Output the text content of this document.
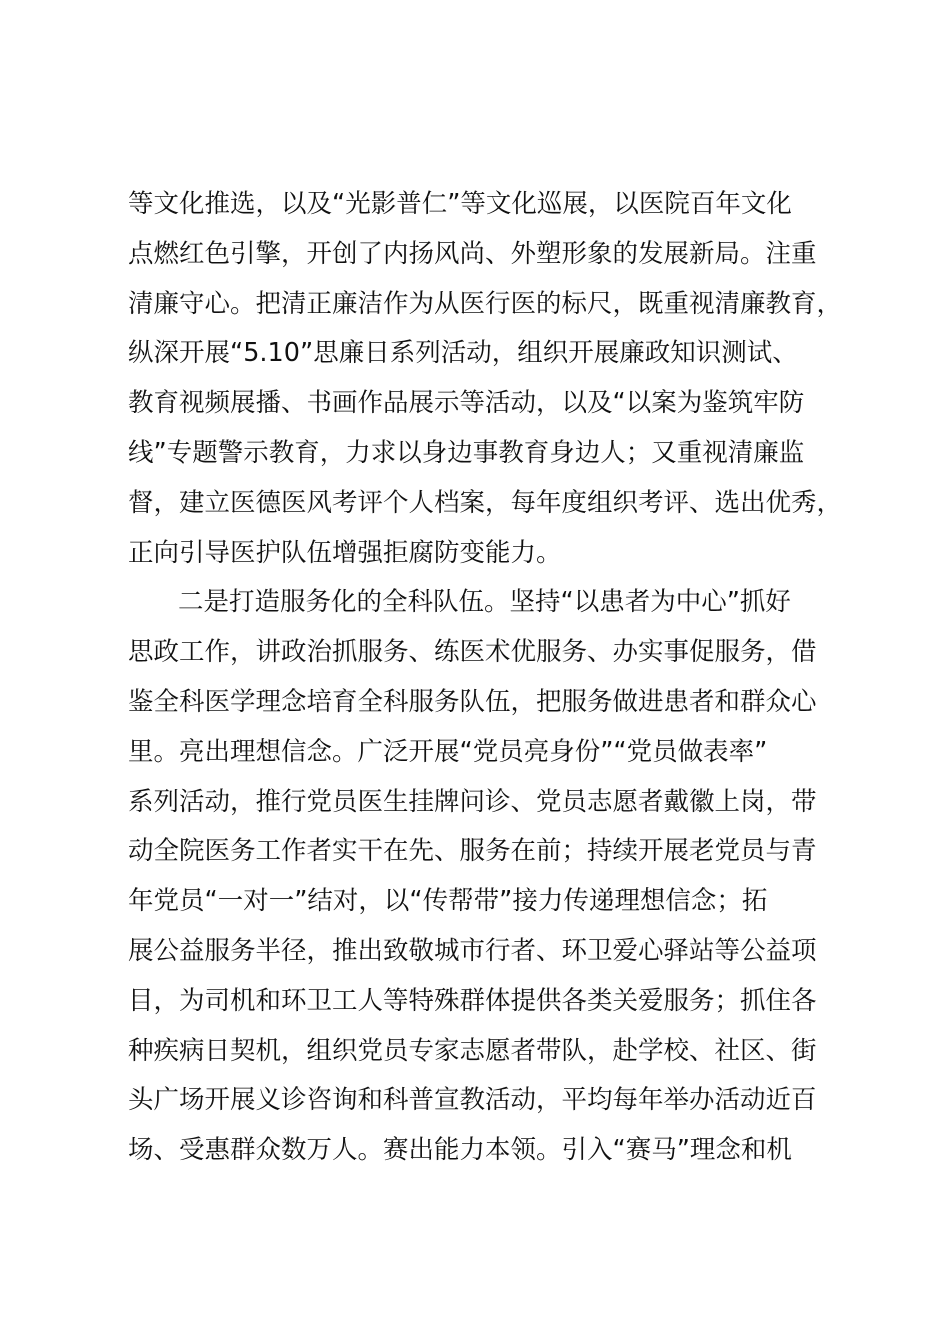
等文化推选，以及“光影普仁”等文化巡展，以医院百年文化
点燃红色引擎，开创了内扬风尚、外塑形象的发展新局。注重
清廉守心。把清正廉洁作为从医行医的标尺，既重视清廉教育，
纵深开展“5.10”思廉日系列活动，组织开展廉政知识测试、
教育视频展播、书画作品展示等活动，以及“以案为鉴筑牢防
线”专题警示教育，力求以身边事教育身边人；又重视清廉监
督，建立医德医风考评个人档案，每年度组织考评、选出优秀，
正向引导医护队伍增强拒腐防变能力。
二是打造服务化的全科队伍。坚持“以患者为中心”抓好
思政工作，讲政治抓服务、练医术优服务、办实事促服务，借
鉴全科医学理念培育全科服务队伍，把服务做进患者和群众心
里。亮出理想信念。广泛开展“党员亮身份”“党员做表率”
系列活动，推行党员医生挂牌问诊、党员志愿者戴徽上岗，带
动全院医务工作者实干在先、服务在前；持续开展老党员与青
年党员“一对一”结对，以“传帮带”接力传递理想信念；拓
展公益服务半径，推出致敬城市行者、环卫爱心驿站等公益项
目，为司机和环卫工人等特殊群体提供各类关爱服务；抓住各
种疾病日契机，组织党员专家志愿者带队，赴学校、社区、街
头广场开展义诊咨询和科普宣教活动，平均每年举办活动近百
场、受惠群众数万人。赛出能力本领。引入“赛马”理念和机
